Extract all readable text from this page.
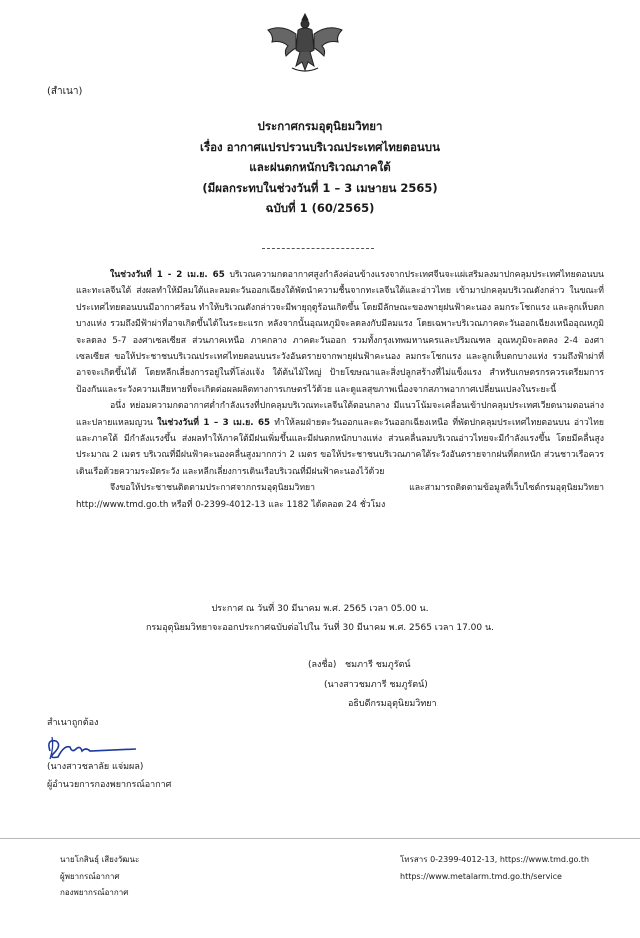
(สำเนา)
ประกาศกรมอุตุนิยมวิทยา
เรื่อง อากาศแปรปรวนบริเวณประเทศไทยตอนบน
และฝนตกหนักบริเวณภาคใต้
(มีผลกระทบในช่วงวันที่ 1 – 3 เมษายน 2565)
ฉบับที่ 1 (60/2565)

ในช่วงวันที่ 1 - 2 เม.ย. 65 บริเวณความกดอากาศสูงกำลังค่อนข้างแรงจากประเทศจีนจะแผ่เสริมลงมาปกคลุมประเทศไทยตอนบนและทะเลจีนใต้ ส่งผลทำให้มีลมใต้และลมตะวันออกเฉียงใต้พัดนำความชื้นจากทะเลจีนใต้และอ่าวไทย เข้ามาปกคลุมบริเวณดังกล่าว ในขณะที่ประเทศไทยตอนบนมีอากาศร้อน ทำให้บริเวณดังกล่าวจะมีพายุฤดูร้อนเกิดขึ้น โดยมีลักษณะของพายุฝนฟ้าคะนอง ลมกระโชกแรง และลูกเห็บตกบางแห่ง รวมถึงมีฟ้าผ่าที่อาจเกิดขึ้นได้ในระยะแรก หลังจากนั้นอุณหภูมิจะลดลงกับมีลมแรง โดยเฉพาะบริเวณภาคตะวันออกเฉียงเหนืออุณหภูมิจะลดลง 5-7 องศาเซลเซียส ส่วนภาคเหนือ ภาคกลาง ภาคตะวันออก รวมทั้งกรุงเทพมหานครและปริมณฑล อุณหภูมิจะลดลง 2-4 องศาเซลเซียส ขอให้ประชาชนบริเวณประเทศไทยตอนบนระวังอันตรายจากพายุฝนฟ้าคะนอง ลมกระโชกแรง และลูกเห็บตกบางแห่ง รวมถึงฟ้าผ่าที่อาจจะเกิดขึ้นได้ โดยหลีกเลี่ยงการอยู่ในที่โล่งแจ้ง ใต้ต้นไม้ใหญ่ ป้ายโฆษณาและสิ่งปลูกสร้างที่ไม่แข็งแรง สำหรับเกษตรกรควรเตรียมการป้องกันและระวังความเสียหายที่จะเกิดต่อผลผลิตทางการเกษตรไว้ด้วย และดูแลสุขภาพเนื่องจากสภาพอากาศเปลี่ยนแปลงในระยะนี้

อนึ่ง หย่อมความกดอากาศต่ำกำลังแรงที่ปกคลุมบริเวณทะเลจีนใต้ตอนกลาง มีแนวโน้มจะเคลื่อนเข้าปกคลุมประเทศเวียดนามตอนล่างและปลายแหลมญวน ในช่วงวันที่ 1 – 3 เม.ย. 65 ทำให้ลมฝ่ายตะวันออกและตะวันออกเฉียงเหนือ ที่พัดปกคลุมประเทศไทยตอนบน อ่าวไทย และภาคใต้ มีกำลังแรงขึ้น ส่งผลทำให้ภาคใต้มีฝนเพิ่มขึ้นและมีฝนตกหนักบางแห่ง ส่วนคลื่นลมบริเวณอ่าวไทยจะมีกำลังแรงขึ้น โดยมีคลื่นสูงประมาณ 2 เมตร บริเวณที่มีฝนฟ้าคะนองคลื่นสูงมากกว่า 2 เมตร ขอให้ประชาชนบริเวณภาคใต้ระวังอันตรายจากฝนที่ตกหนัก ส่วนชาวเรือควรเดินเรือด้วยความระมัดระวัง และหลีกเลี่ยงการเดินเรือบริเวณที่มีฝนฟ้าคะนองไว้ด้วย

จึงขอให้ประชาชนติดตามประกาศจากกรมอุตุนิยมวิทยา และสามารถติดตามข้อมูลที่เว็บไซต์กรมอุตุนิยมวิทยา http://www.tmd.go.th หรือที่ 0-2399-4012-13 และ 1182 ได้ตลอด 24 ชั่วโมง

ประกาศ ณ วันที่ 30 มีนาคม พ.ศ. 2565 เวลา 05.00 น.
กรมอุตุนิยมวิทยาจะออกประกาศฉบับต่อไปใน วันที่ 30 มีนาคม พ.ศ. 2565 เวลา 17.00 น.
(ลงชื่อ) ชมภารี ชมภูรัตน์
(นางสาวชมภารี ชมภูรัตน์)
อธิบดีกรมอุตุนิยมวิทยา
สำเนาถูกต้อง
(นางสาวชลาลัย แจ่มผล)
ผู้อำนวยการกองพยากรณ์อากาศ
นายโกสินธุ์ เสียงวัฒนะ
ผู้พยากรณ์อากาศ
กองพยากรณ์อากาศ
โทรสาร 0-2399-4012-13, https://www.tmd.go.th
https://www.metalarm.tmd.go.th/service
